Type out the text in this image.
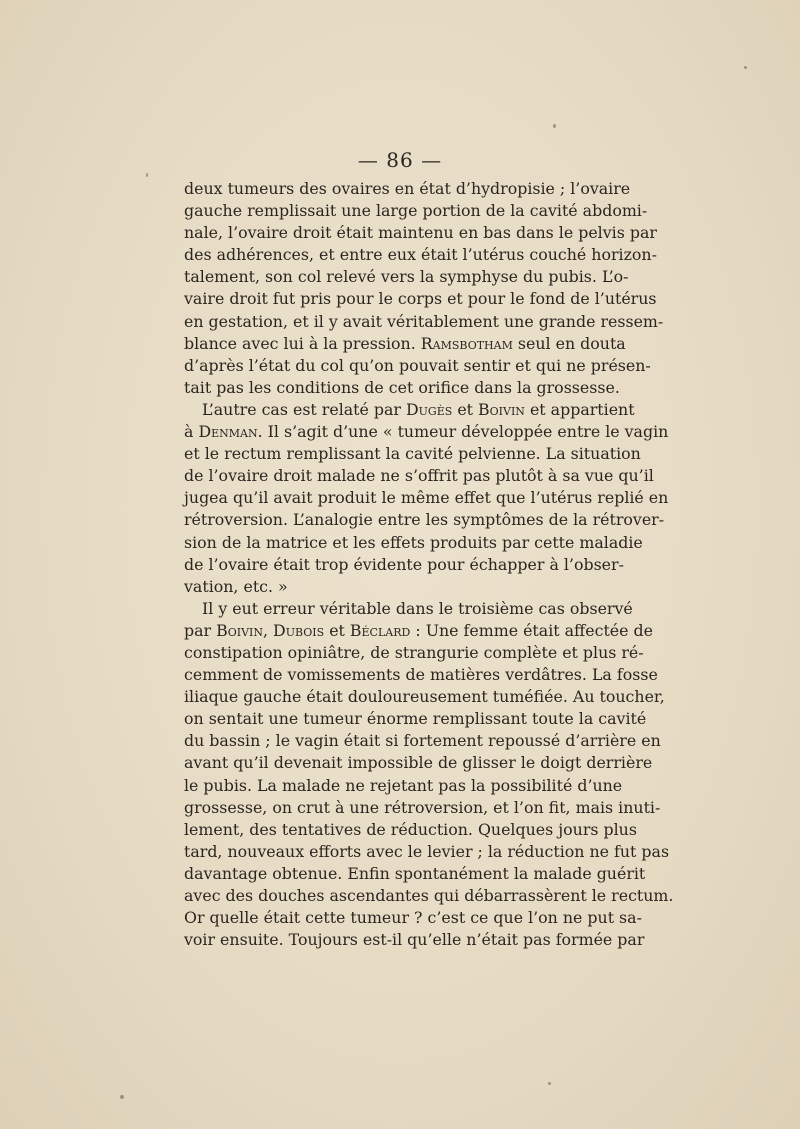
— 86 —
deux tumeurs des ovaires en état d’hydropisie ; l’ovaire
gauche remplissait une large portion de la cavité abdomi-
nale, l’ovaire droit était maintenu en bas dans le pelvis par
des adhérences, et entre eux était l’utérus couché horizon-
talement, son col relevé vers la symphyse du pubis. L’o-
vaire droit fut pris pour le corps et pour le fond de l’utérus
en gestation, et il y avait véritablement une grande ressem-
blance avec lui à la pression. Ramsbotham seul en douta
d’après l’état du col qu’on pouvait sentir et qui ne présen-
tait pas les conditions de cet orifice dans la grossesse.
L’autre cas est relaté par Dugès et Boivin et appartient
à Denman. Il s’agit d’une « tumeur développée entre le vagin
et le rectum remplissant la cavité pelvienne. La situation
de l’ovaire droit malade ne s’offrit pas plutôt à sa vue qu’il
jugea qu’il avait produit le même effet que l’utérus replié en
rétroversion. L’analogie entre les symptômes de la rétrover-
sion de la matrice et les effets produits par cette maladie
de l’ovaire était trop évidente pour échapper à l’obser-
vation, etc. »
Il y eut erreur véritable dans le troisième cas observé
par Boivin, Dubois et Béclard : Une femme était affectée de
constipation opiniâtre, de strangurie complète et plus ré-
cemment de vomissements de matières verdâtres. La fosse
iliaque gauche était douloureusement tuméfiée. Au toucher,
on sentait une tumeur énorme remplissant toute la cavité
du bassin ; le vagin était si fortement repoussé d’arrière en
avant qu’il devenait impossible de glisser le doigt derrière
le pubis. La malade ne rejetant pas la possibilité d’une
grossesse, on crut à une rétroversion, et l’on fit, mais inuti-
lement, des tentatives de réduction. Quelques jours plus
tard, nouveaux efforts avec le levier ; la réduction ne fut pas
davantage obtenue. Enfin spontanément la malade guérit
avec des douches ascendantes qui débarrassèrent le rectum.
Or quelle était cette tumeur ? c’est ce que l’on ne put sa-
voir ensuite. Toujours est-il qu’elle n’était pas formée par
